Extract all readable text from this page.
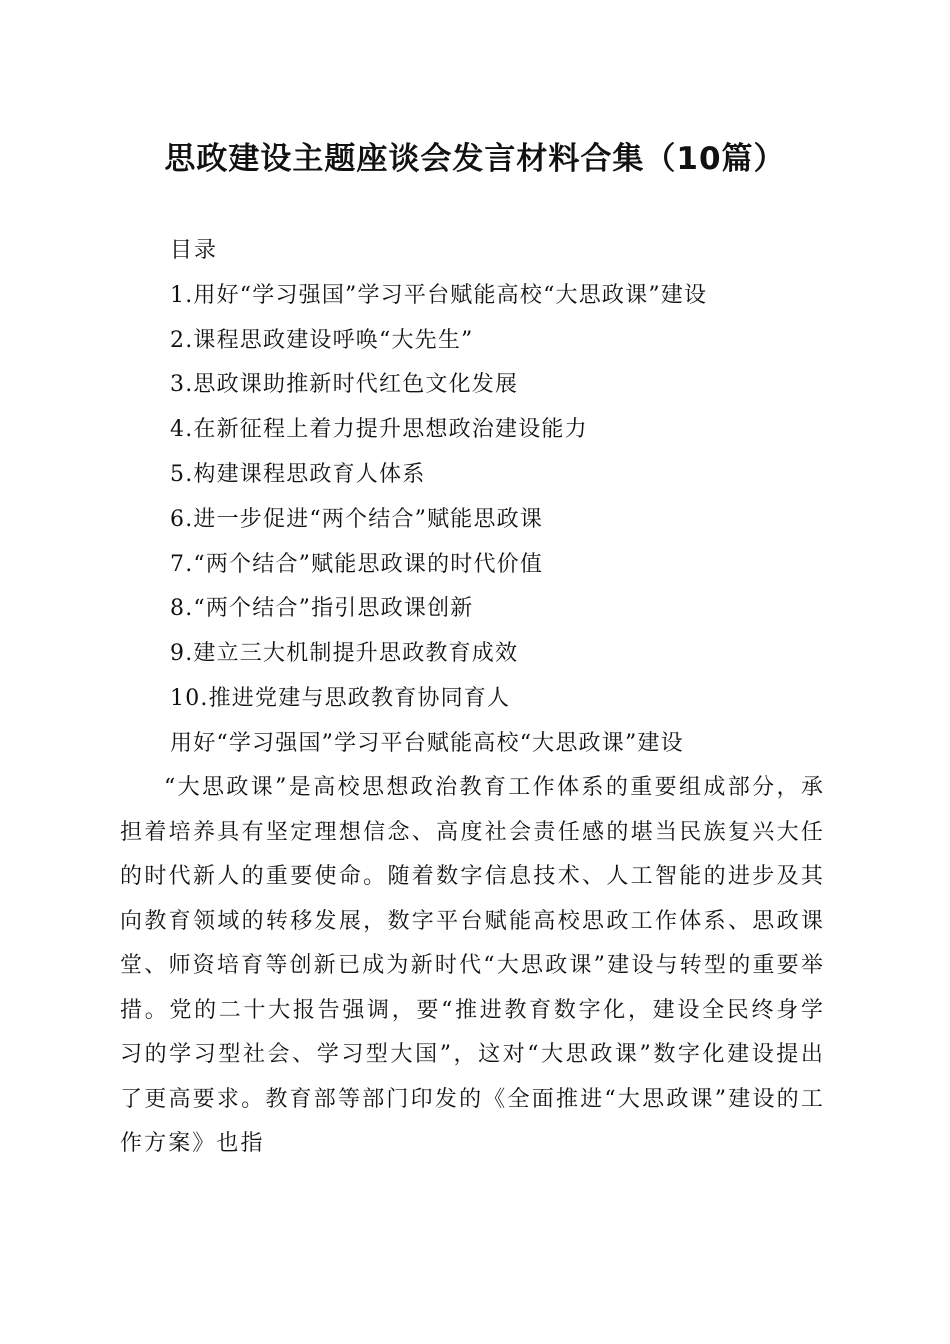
思政建设主题座谈会发言材料合集（10篇）
目录
1.用好“学习强国”学习平台赋能高校“大思政课”建设
2.课程思政建设呼唤“大先生”
3.思政课助推新时代红色文化发展
4.在新征程上着力提升思想政治建设能力
5.构建课程思政育人体系
6.进一步促进“两个结合”赋能思政课
7.“两个结合”赋能思政课的时代价值
8.“两个结合”指引思政课创新
9.建立三大机制提升思政教育成效
10.推进党建与思政教育协同育人
用好“学习强国”学习平台赋能高校“大思政课”建设

“大思政课”是高校思想政治教育工作体系的重要组成部分，承担着培养具有坚定理想信念、高度社会责任感的堪当民族复兴大任的时代新人的重要使命。随着数字信息技术、人工智能的进步及其向教育领域的转移发展，数字平台赋能高校思政工作体系、思政课堂、师资培育等创新已成为新时代“大思政课”建设与转型的重要举措。党的二十大报告强调，要“推进教育数字化，建设全民终身学习的学习型社会、学习型大国”，这对“大思政课”数字化建设提出了更高要求。教育部等部门印发的《全面推进“大思政课”建设的工作方案》也指
